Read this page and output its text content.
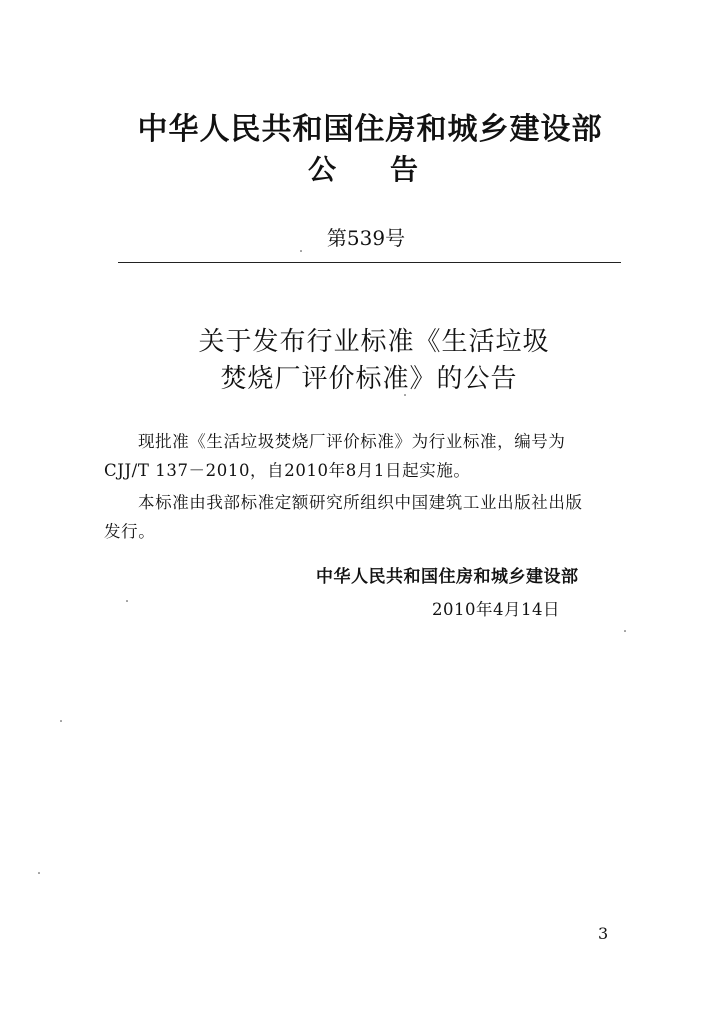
中华人民共和国住房和城乡建设部
公告
第539号
关于发布行业标准《生活垃圾
焚烧厂评价标准》的公告
现批准《生活垃圾焚烧厂评价标准》为行业标准，编号为
CJJ/T 137－2010，自2010年8月1日起实施。
本标准由我部标准定额研究所组织中国建筑工业出版社出版
发行。
中华人民共和国住房和城乡建设部
2010年4月14日
3
